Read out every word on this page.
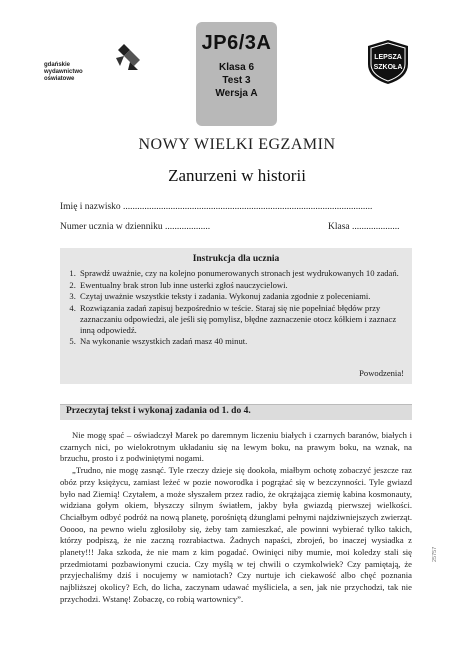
gdańskie
wydawnictwo
oświatowe
JP6/3A
Klasa 6
Test 3
Wersja A
LEPSZA
SZKOŁA
NOWY WIELKI EGZAMIN
Zanurzeni w historii
Imię i nazwisko .........................................................................................................
Numer ucznia w dzienniku ...................	Klasa ....................
Instrukcja dla ucznia
1. Sprawdź uważnie, czy na kolejno ponumerowanych stronach jest wydrukowanych 10 zadań.
2. Ewentualny brak stron lub inne usterki zgłoś nauczycielowi.
3. Czytaj uważnie wszystkie teksty i zadania. Wykonuj zadania zgodnie z poleceniami.
4. Rozwiązania zadań zapisuj bezpośrednio w teście. Staraj się nie popełniać błędów przy zaznaczaniu odpowiedzi, ale jeśli się pomylisz, błędne zaznaczenie otocz kółkiem i zaznacz inną odpowiedź.
5. Na wykonanie wszystkich zadań masz 40 minut.
Powodzenia!
Przeczytaj tekst i wykonaj zadania od 1. do 4.

Nie mogę spać – oświadczył Marek po daremnym liczeniu białych i czarnych baranów, białych i czarnych nici, po wielokrotnym układaniu się na lewym boku, na prawym boku, na wznak, na brzuchu, prosto i z podwiniętymi nogami.

„Trudno, nie mogę zasnąć. Tyle rzeczy dzieje się dookoła, miałbym ochotę zobaczyć jeszcze raz obóz przy księżycu, zamiast leżeć w pozie noworodka i pogrążać się w bezczynności. Tyle gwiazd było nad Ziemią! Czytałem, a może słyszałem przez radio, że okrążająca ziemię kabina kosmonauty, widziana gołym okiem, błyszczy silnym światłem, jakby była gwiazdą pierwszej wielkości. Chciałbym odbyć podróż na nową planetę, porośniętą dżunglami pełnymi najdziwniejszych zwierząt. Ooooo, na pewno wielu zgłosiłoby się, żeby tam zamieszkać, ale powinni wybierać tylko takich, którzy podpiszą, że nie zaczną rozrabiactwa. Żadnych napaści, zbrojeń, bo inaczej wysiadka z planety!!! Jaka szkoda, że nie mam z kim pogadać. Owinięci niby mumie, moi koledzy stali się przedmiotami pozbawionymi czucia. Czy myślą w tej chwili o czymkolwiek? Czy pamiętają, że przyjechaliśmy dziś i nocujemy w namiotach? Czy nurtuje ich ciekawość albo chęć poznania najbliższej okolicy? Ech, do licha, zaczynam udawać myśliciela, a sen, jak nie przychodzi, tak nie przychodzi. Wstanę! Zobaczę, co robią wartownicy”.

25757
